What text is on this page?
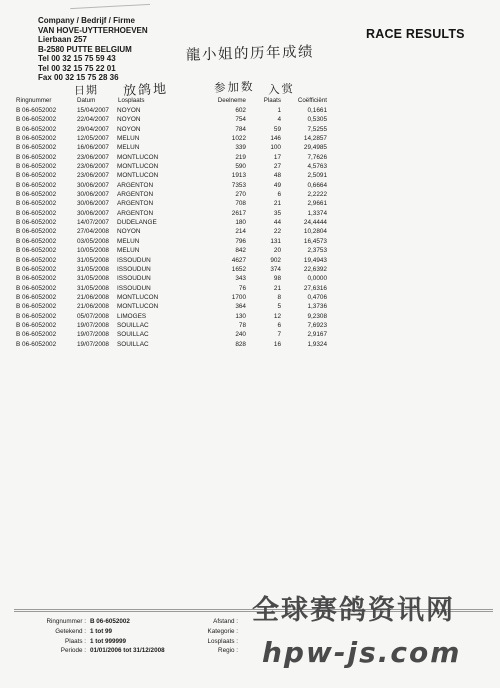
Company / Bedrijf / Firme
VAN HOVE-UYTTERHOEVEN
Lierbaan 257
B-2580 PUTTE BELGIUM
Tel 00 32 15 75 59 43
Tel 00 32 15 75 22 01
Fax 00 32 15 75 28 36
RACE RESULTS
龍小姐的历年成绩
日期 放鸽地	参加数 入赏
Ringnummer	Datum	Losplaats	Deelneme	Plaats	Coëfficiënt
B 06-6052002	15/04/2007 NOYON	602	1	0,1661
B 06-6052002	22/04/2007 NOYON	754	4	0,5305
B 06-6052002	29/04/2007 NOYON	784	59	7,5255
B 06-6052002	12/05/2007 MELUN	1022	146	14,2857
B 06-6052002	16/06/2007 MELUN	339	100	29,4985
B 06-6052002	23/06/2007 MONTLUCON	219	17	7,7626
B 06-6052002	23/06/2007 MONTLUCON	590	27	4,5763
B 06-6052002	23/06/2007 MONTLUCON	1913	48	2,5091
B 06-6052002	30/06/2007 ARGENTON	7353	49	0,6664
B 06-6052002	30/06/2007 ARGENTON	270	6	2,2222
B 06-6052002	30/06/2007 ARGENTON	708	21	2,9661
B 06-6052002	30/06/2007 ARGENTON	2617	35	1,3374
B 06-6052002	14/07/2007 DUDELANGE	180	44	24,4444
B 06-6052002	27/04/2008 NOYON	214	22	10,2804
B 06-6052002	03/05/2008 MELUN	796	131	16,4573
B 06-6052002	10/05/2008 MELUN	842	20	2,3753
B 06-6052002	31/05/2008 ISSOUDUN	4627	902	19,4943
B 06-6052002	31/05/2008 ISSOUDUN	1652	374	22,6392
B 06-6052002	31/05/2008 ISSOUDUN	343	98	0,0000
B 06-6052002	31/05/2008 ISSOUDUN	76	21	27,6316
B 06-6052002	21/06/2008 MONTLUCON	1700	8	0,4706
B 06-6052002	21/06/2008 MONTLUCON	364	5	1,3736
B 06-6052002	05/07/2008 LIMOGES	130	12	9,2308
B 06-6052002	19/07/2008 SOUILLAC	78	6	7,6923
B 06-6052002	19/07/2008 SOUILLAC	240	7	2,9167
B 06-6052002	19/07/2008 SOUILLAC	828	16	1,9324
Ringnummer : B 06-6052002
Getekend : 1 tot 99
Plaats : 1 tot 999999
Periode : 01/01/2006 tot 31/12/2008
Afstand :
Kategorie :
Losplaats :
Regio :
全球赛鸽资讯网
hpw-js.com
